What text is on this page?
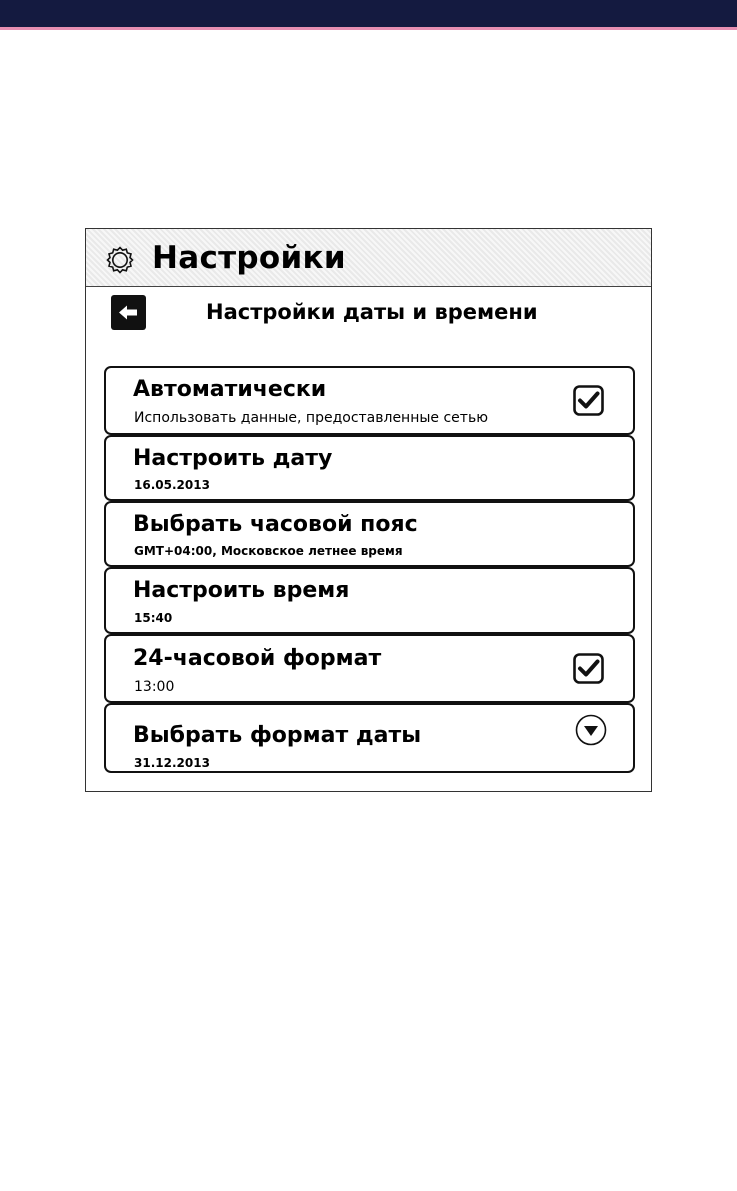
Настройки
Настройки даты и времени
Автоматически
Использовать данные, предоставленные сетью
Настроить дату
16.05.2013
Выбрать часовой пояс
GMT+04:00, Московское летнее время
Настроить время
15:40
24-часовой формат
13:00
Выбрать формат даты
31.12.2013
